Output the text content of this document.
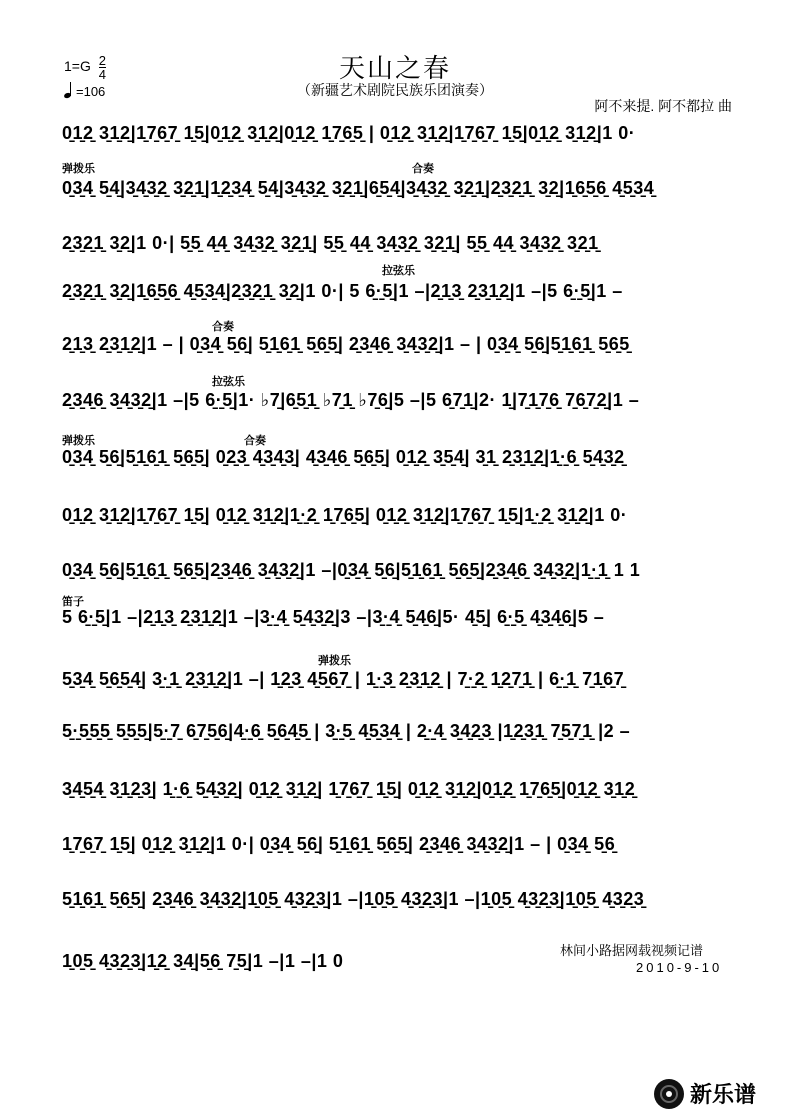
$1=G \frac{2}{4}$
=106
天山之春
（新疆艺术剧院民族乐团演奏）
阿不来提. 阿不都拉 曲
0̱1̱2̱ 3̱1̱2̱|1̱7̱6̱7̱ 1̱5̱|0̱1̱2̱ 3̱1̱2̱|0̱1̱2̱ 1̱7̱6̱5̱ | 0̱1̱2̱ 3̱1̱2̱|1̱7̱6̱7̱ 1̱5̱|0̱1̱2̱ 3̱1̱2̱|1 0·
0̱3̱4̱ 5̱4̱|3̱4̱3̱2̱ 3̱2̱1̱|1̱2̱3̱4̱ 5̱4̱|3̱4̱3̱2̱ 3̱2̱1̱|6̱5̱4̱|3̱4̱3̱2̱ 3̱2̱1̱|2̱3̱2̱1̱ 3̱2̱|1̱6̱5̱6̱ 4̱5̱3̱4̱
弹拨乐	合奏
2̱3̱2̱1̱ 3̱2̱|1 0·| 5̱5̱ 4̱4̱ 3̱4̱3̱2̱ 3̱2̱1̱| 5̱5̱ 4̱4̱ 3̱4̱3̱2̱ 3̱2̱1̱| 5̱5̱ 4̱4̱ 3̱4̱3̱2̱ 3̱2̱1̱
2̱3̱2̱1̱ 3̱2̱|1̱6̱5̱6̱ 4̱5̱3̱4̱|2̱3̱2̱1̱ 3̱2̱|1 0·| 5 6̱·̱5̱|1 –|2̱1̱3̱ 2̱3̱1̱2̱|1 –|5 6̱·̱5̱|1 –
拉弦乐
2̱1̱3̱ 2̱3̱1̱2̱|1 – | 0̱3̱4̱ 5̱6̱| 5̱1̱6̱1̱ 5̱6̱5̱| 2̱3̱4̱6̱ 3̱4̱3̱2̱|1 – | 0̱3̱4̱ 5̱6̱|5̱1̱6̱1̱ 5̱6̱5̱
合奏
2̱3̱4̱6̱ 3̱4̱3̱2̱|1 –|5 6̱·̱5̱|1· ♭7̱|6̱5̱1̱ ♭7̱1̱ ♭7̱6̱|5 –|5 6̱7̱1̱|2· 1̱|7̱1̱7̱6̱ 7̱6̱7̱2̱|1 –
拉弦乐
0̱3̱4̱ 5̱6̱|5̱1̱6̱1̱ 5̱6̱5̱| 0̱2̱3̱ 4̱3̱4̱3̱| 4̱3̱4̱6̱ 5̱6̱5̱| 0̱1̱2̱ 3̱5̱4̱| 3̱1̱ 2̱3̱1̱2̱|1̱·̱6̱ 5̱4̱3̱2̱
弹拨乐	合奏
0̱1̱2̱ 3̱1̱2̱|1̱7̱6̱7̱ 1̱5̱| 0̱1̱2̱ 3̱1̱2̱|1̱·̱2̱ 1̱7̱6̱5̱| 0̱1̱2̱ 3̱1̱2̱|1̱7̱6̱7̱ 1̱5̱|1̱·̱2̱ 3̱1̱2̱|1 0·
0̱3̱4̱ 5̱6̱|5̱1̱6̱1̱ 5̱6̱5̱|2̱3̱4̱6̱ 3̱4̱3̱2̱|1 –|0̱3̱4̱ 5̱6̱|5̱1̱6̱1̱ 5̱6̱5̱|2̱3̱4̱6̱ 3̱4̱3̱2̱|1̱·̱1̱ 1 1
5 6̱·̱5̱|1 –|2̱1̱3̱ 2̱3̱1̱2̱|1 –|3̱·̱4̱ 5̱4̱3̱2̱|3 –|3̱·̱4̱ 5̱4̱6̱|5· 4̱5̱| 6̱·̱5̱ 4̱3̱4̱6̱|5 –
笛子
5̱3̱4̱ 5̱6̱5̱4̱| 3̱·̱1̱ 2̱3̱1̱2̱|1 –| 1̱2̱3̱ 4̱5̱6̱7̱ | 1̱·̱3̱ 2̱3̱1̱2̱ | 7̱·̱2̱ 1̱2̱7̱1̱ | 6̱·̱1̱ 7̱1̱6̱7̱
弹拨乐
5̱·̱5̱5̱5̱ 5̱5̱5̱|5̱·̱7̱ 6̱7̱5̱6̱|4̱·̱6̱ 5̱6̱4̱5̱ | 3̱·̱5̱ 4̱5̱3̱4̱ | 2̱·̱4̱ 3̱4̱2̱3̱ |1̱2̱3̱1̱ 7̱5̱7̱1̱ |2 –
3̱4̱5̱4̱ 3̱1̱2̱3̱| 1̱·̱6̱ 5̱4̱3̱2̱| 0̱1̱2̱ 3̱1̱2̱| 1̱7̱6̱7̱ 1̱5̱| 0̱1̱2̱ 3̱1̱2̱|0̱1̱2̱ 1̱7̱6̱5̱|0̱1̱2̱ 3̱1̱2̱
1̱7̱6̱7̱ 1̱5̱| 0̱1̱2̱ 3̱1̱2̱|1 0·| 0̱3̱4̱ 5̱6̱| 5̱1̱6̱1̱ 5̱6̱5̱| 2̱3̱4̱6̱ 3̱4̱3̱2̱|1 – | 0̱3̱4̱ 5̱6̱
5̱1̱6̱1̱ 5̱6̱5̱| 2̱3̱4̱6̱ 3̱4̱3̱2̱|1̱0̱5̱ 4̱3̱2̱3̱|1 –|1̱0̱5̱ 4̱3̱2̱3̱|1 –|1̱0̱5̱ 4̱3̱2̱3̱|1̱0̱5̱ 4̱3̱2̱3̱
1̱0̱5̱ 4̱3̱2̱3̱|1̱2̱ 3̱4̱|5̱6̱ 7̱5̱|1 –|1 –|1 0	林间小路据网载视频记谱
2010-9-10
新乐谱
